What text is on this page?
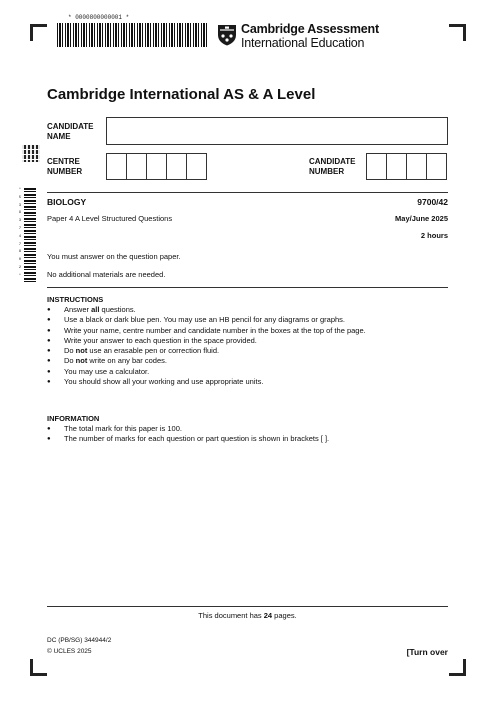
* 0000800000001 *
Cambridge Assessment
International Education
Cambridge International AS & A Level
CANDIDATE
NAME
CENTRE
NUMBER
CANDIDATE
NUMBER
*
5
3
9
3
7
4
7
8
0
2
*
BIOLOGY	9700/42
Paper 4 A Level Structured Questions	May/June 2025
2 hours
You must answer on the question paper.
No additional materials are needed.
INSTRUCTIONS
● Answer all questions.
● Use a black or dark blue pen. You may use an HB pencil for any diagrams or graphs.
● Write your name, centre number and candidate number in the boxes at the top of the page.
● Write your answer to each question in the space provided.
● Do not use an erasable pen or correction fluid.
● Do not write on any bar codes.
● You may use a calculator.
● You should show all your working and use appropriate units.
INFORMATION
● The total mark for this paper is 100.
● The number of marks for each question or part question is shown in brackets [ ].
This document has 24 pages.
DC (PB/SG) 344944/2
© UCLES 2025	[Turn over
